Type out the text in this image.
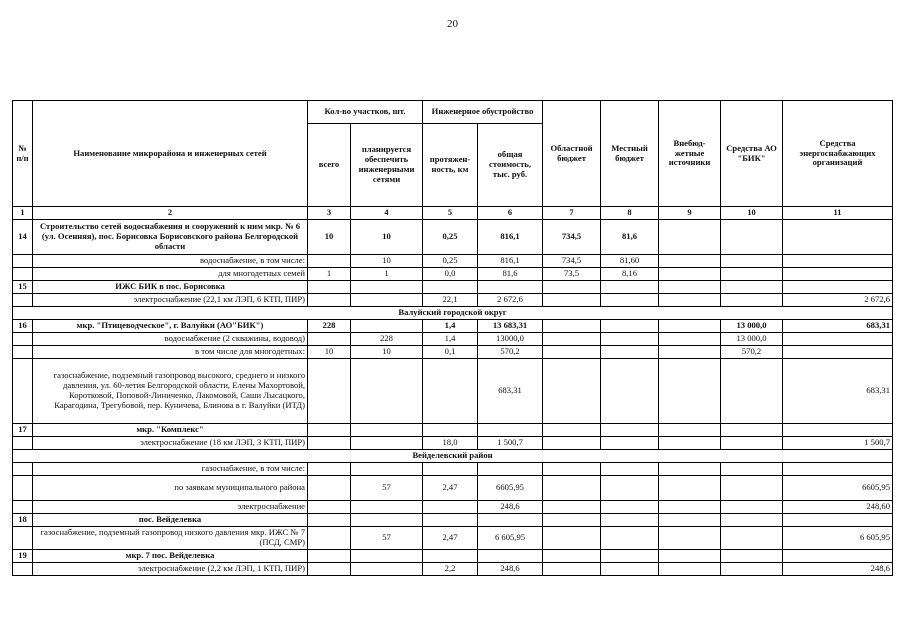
20
№ п/п	Наименование микрорайона и инженерных сетей	Кол-во участков, шт.		Инженерное обустройство		Областной бюджет	Местный бюджет	Внебюд-жетные источники	Средства АО "БИК"	Средства энергоснабжающих организаций
		всего	планируется обеспечить инженерными сетями	протяжен-ность, км	общая стоимость, тыс. руб.					
1	2	3	4	5	6	7	8	9	10	11
14	Строительство сетей водоснабжения и сооружений к ним мкр. № 6 (ул. Осенняя), пос. Борисовка Борисовского района Белгородской области	10	10	0,25	816,1	734,5	81,6			
	водоснабжение, в том числе:		10	0,25	816,1	734,5	81,60			
	для многодетных семей	1	1	0,0	81,6	73,5	8,16			
15	ИЖС БИК в пос. Борисовка									
	электроснабжение (22,1 км ЛЭП, 6 КТП, ПИР)			22,1	2 672,6					2 672,6
Валуйский городской округ										
16	мкр. "Птицеводческое", г. Валуйки (АО"БИК")	228		1,4	13 683,31				13 000,0	683,31
	водоснабжение (2 скважины, водовод)		228	1,4	13000,0				13 000,0	
	в том числе для многодетных:	10	10	0,1	570,2				570,2	
	газоснабжение, подземный газопровод высокого, среднего и низкого давления, ул. 60-летия Белгородской области, Елены Махортовой, Коротковой, Поповой-Линиченко, Лакомовой, Саши Лысацкого, Карагодина, Трегубовой, пер. Куничева, Блинова в г. Валуйки (ИТД)				683,31					683,31
17	мкр. "Комплекс"									
	электроснабжение (18 км ЛЭП, 3 КТП, ПИР)			18,0	1 500,7					1 500,7
Вейделевский район										
	газоснабжение, в том числе:									
	по заявкам муниципального района		57	2,47	6605,95					6605,95
	электроснабжение				248,6					248,60
18	пос. Вейделевка									
	газоснабжение, подземный газопровод низкого давления мкр. ИЖС № 7 (ПСД, СМР)		57	2,47	6 605,95					6 605,95
19	мкр. 7 пос. Вейделевка									
	электроснабжение (2,2 км ЛЭП, 1 КТП, ПИР)			2,2	248,6					248,6
